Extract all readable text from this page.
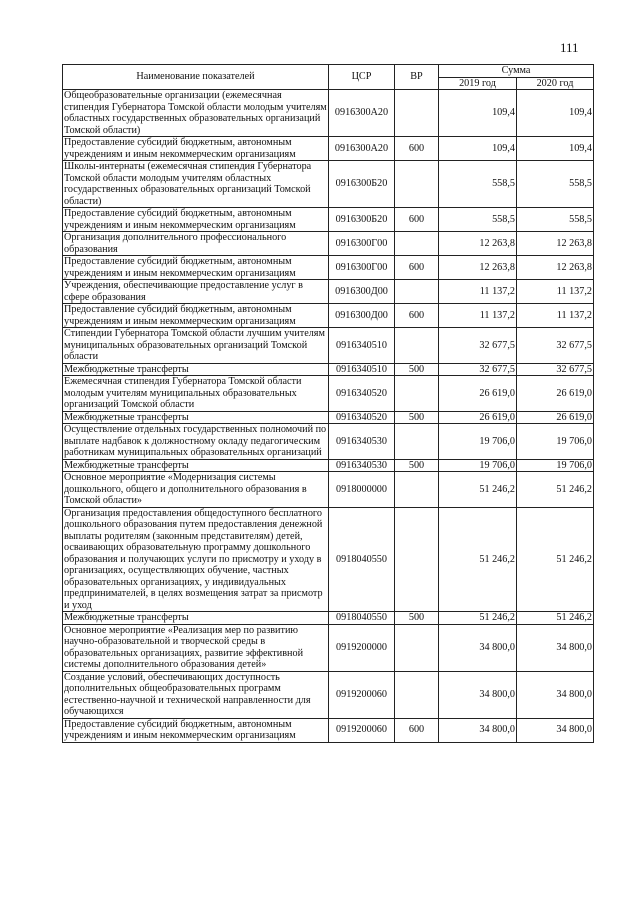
111
Наименование показателей	ЦСР	ВР	Сумма	
			2019 год	2020 год
Общеобразовательные организации (ежемесячная стипендия Губернатора Томской области молодым учителям областных государственных образовательных организаций Томской области)	0916300А20		109,4	109,4
Предоставление субсидий бюджетным, автономным учреждениям и иным некоммерческим организациям	0916300А20	600	109,4	109,4
Школы-интернаты (ежемесячная стипендия Губернатора Томской области молодым учителям областных государственных образовательных организаций Томской области)	0916300Б20		558,5	558,5
Предоставление субсидий бюджетным, автономным учреждениям и иным некоммерческим организациям	0916300Б20	600	558,5	558,5
Организация дополнительного профессионального образования	0916300Г00		12 263,8	12 263,8
Предоставление субсидий бюджетным, автономным учреждениям и иным некоммерческим организациям	0916300Г00	600	12 263,8	12 263,8
Учреждения, обеспечивающие предоставление услуг в сфере образования	0916300Д00		11 137,2	11 137,2
Предоставление субсидий бюджетным, автономным учреждениям и иным некоммерческим организациям	0916300Д00	600	11 137,2	11 137,2
Стипендии Губернатора Томской области лучшим учителям муниципальных образовательных организаций Томской области	0916340510		32 677,5	32 677,5
Межбюджетные трансферты	0916340510	500	32 677,5	32 677,5
Ежемесячная стипендия Губернатора Томской области молодым учителям муниципальных образовательных организаций Томской области	0916340520		26 619,0	26 619,0
Межбюджетные трансферты	0916340520	500	26 619,0	26 619,0
Осуществление отдельных государственных полномочий по выплате надбавок к должностному окладу педагогическим работникам муниципальных образовательных организаций	0916340530		19 706,0	19 706,0
Межбюджетные трансферты	0916340530	500	19 706,0	19 706,0
Основное мероприятие «Модернизация системы дошкольного, общего и дополнительного образования в Томской области»	0918000000		51 246,2	51 246,2
Организация предоставления общедоступного бесплатного дошкольного образования путем предоставления денежной выплаты родителям (законным представителям) детей, осваивающих образовательную программу дошкольного образования и получающих услуги по присмотру и уходу в организациях, осуществляющих обучение, частных образовательных организациях, у индивидуальных предпринимателей, в целях возмещения затрат за присмотр и уход	0918040550		51 246,2	51 246,2
Межбюджетные трансферты	0918040550	500	51 246,2	51 246,2
Основное мероприятие «Реализация мер по развитию научно-образовательной и творческой среды в образовательных организациях, развитие эффективной системы дополнительного образования детей»	0919200000		34 800,0	34 800,0
Создание условий, обеспечивающих доступность дополнительных общеобразовательных программ естественно-научной и технической направленности для обучающихся	0919200060		34 800,0	34 800,0
Предоставление субсидий бюджетным, автономным учреждениям и иным некоммерческим организациям	0919200060	600	34 800,0	34 800,0
